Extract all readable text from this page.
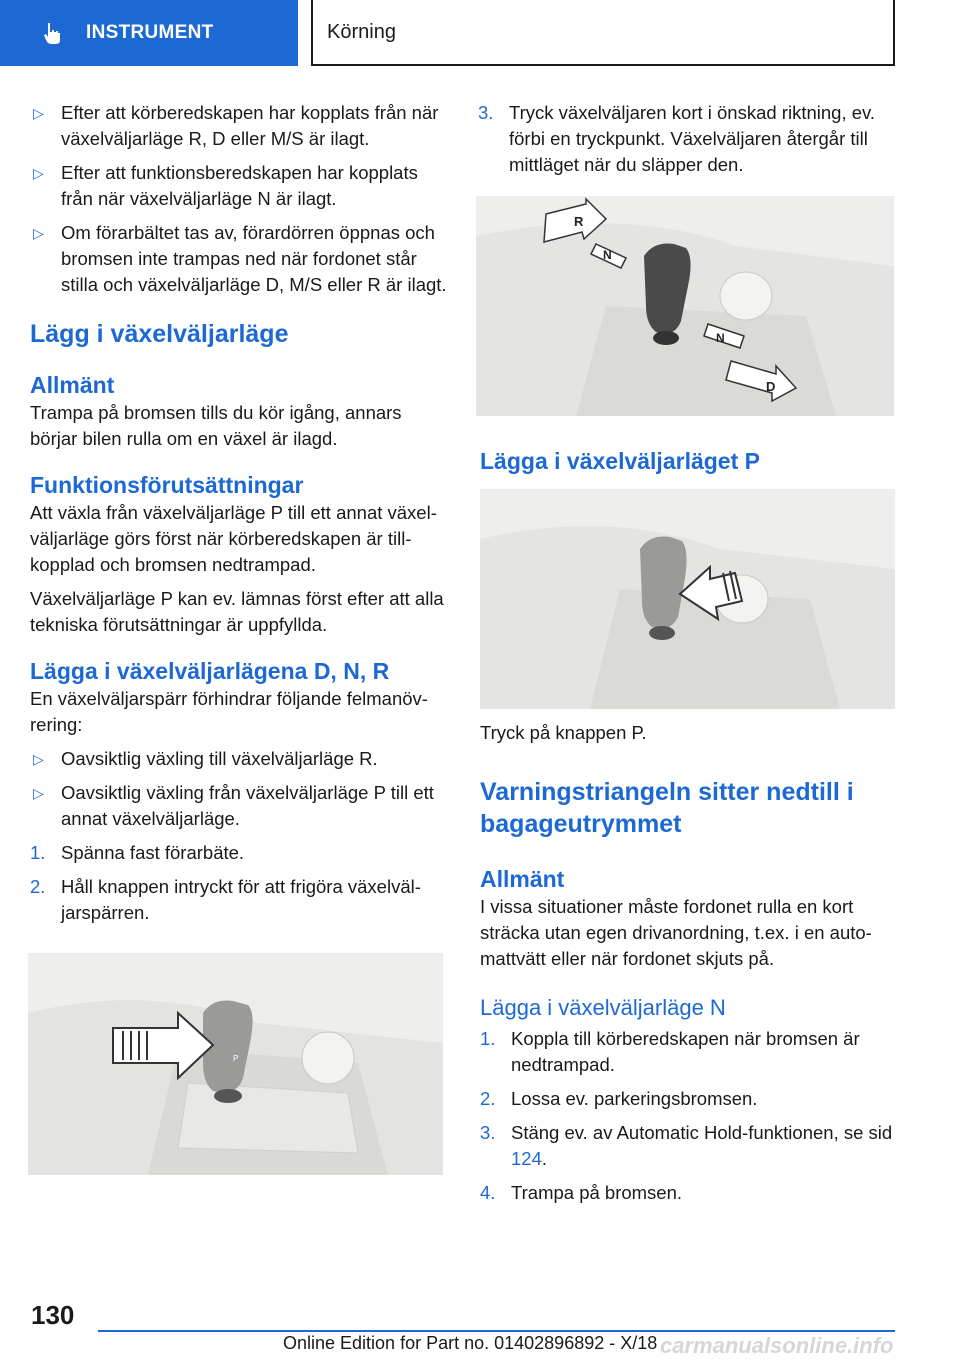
INSTRUMENT	Körning
▷ Efter att körberedskapen har kopplats från när växelväljarläge R, D eller M/S är ilagt.
▷ Efter att funktionsberedskapen har kopplats från när växelväljarläge N är ilagt.
▷ Om förarbältet tas av, förardörren öppnas och bromsen inte trampas ned när fordonet står stilla och växelväljarläge D, M/S eller R är ilagt.
Lägg i växelväljarläge
Allmänt

Trampa på bromsen tills du kör igång, annars börjar bilen rulla om en växel är ilagd.

Funktionsförutsättningar

Att växla från växelväljarläge P till ett annat växel-väljarläge görs först när körberedskapen är till-kopplad och bromsen nedtrampad.

Växelväljarläge P kan ev. lämnas först efter att alla tekniska förutsättningar är uppfyllda.

Lägga i växelväljarlägena D, N, R

En växelväljarspärr förhindrar följande felmanöv-rering:

▷ Oavsiktlig växling till växelväljarläge R.
▷ Oavsiktlig växling från växelväljarläge P till ett annat växelväljarläge.
1. Spänna fast förarbäte.
2. Håll knappen intryckt för att frigöra växelväl-jarspärren.
P
3. Tryck växelväljaren kort i önskad riktning, ev. förbi en tryckpunkt. Växelväljaren återgår till mittläget när du släpper den.
R
N
N
D
Lägga i växelväljarläget P

Tryck på knappen P.

Varningstriangeln sitter nedtill i bagageutrymmet
Allmänt

I vissa situationer måste fordonet rulla en kort sträcka utan egen drivanordning, t.ex. i en auto-mattvätt eller när fordonet skjuts på.

Lägga i växelväljarläge N
1. Koppla till körberedskapen när bromsen är nedtrampad.
2. Lossa ev. parkeringsbromsen.
3. Stäng ev. av Automatic Hold-funktionen, se sid 124.
4. Trampa på bromsen.
130
Online Edition for Part no. 01402896892 - X/18 carmanualsonline.info
